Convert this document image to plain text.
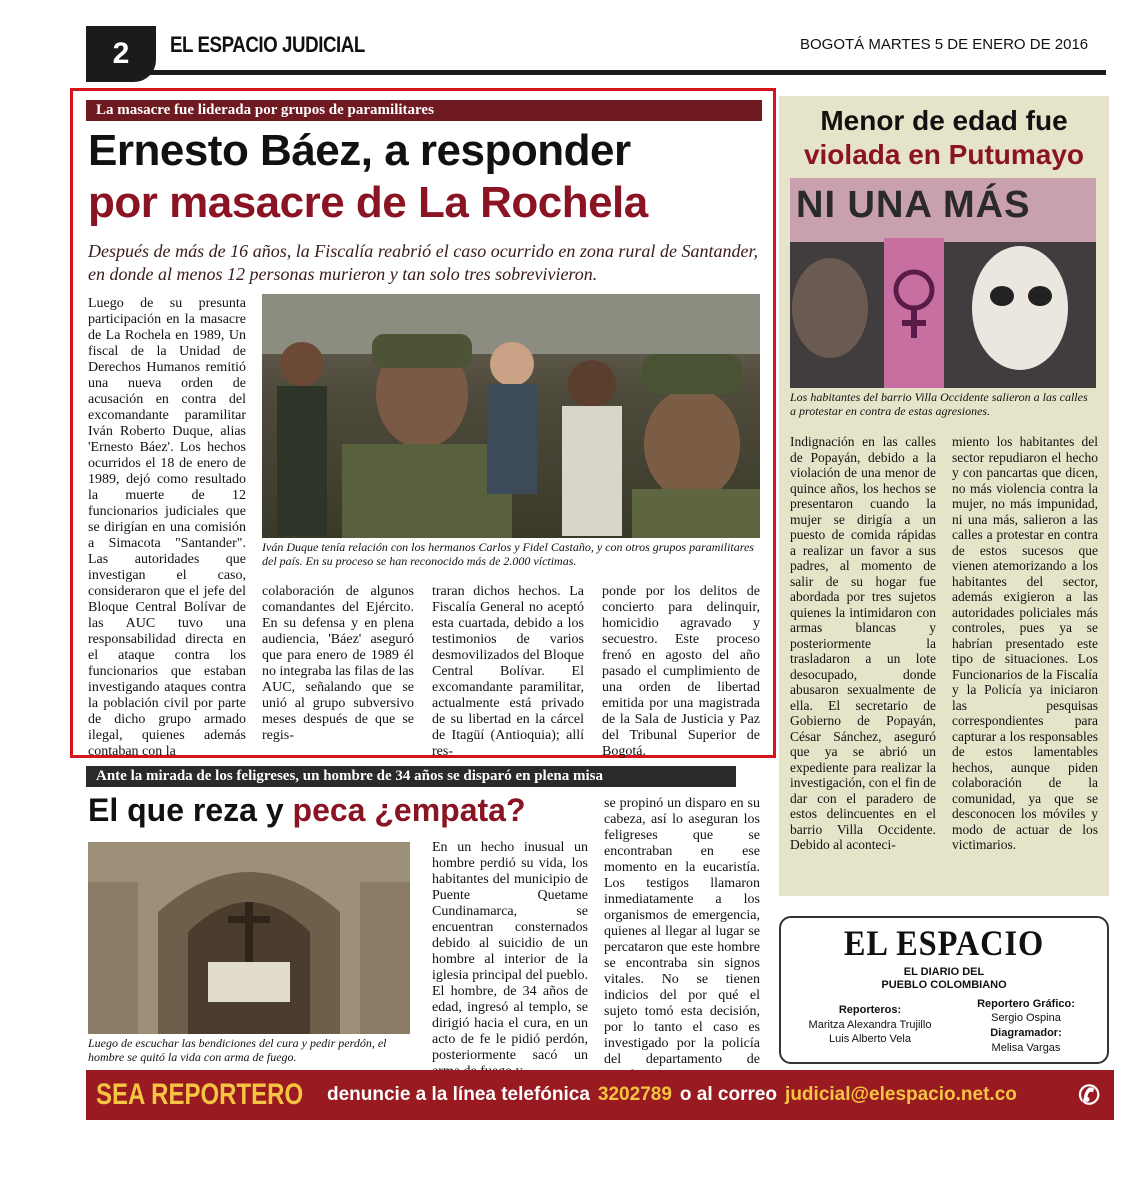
2	EL ESPACIO JUDICIAL	BOGOTÁ MARTES 5 DE ENERO DE 2016
La masacre fue liderada por grupos de paramilitares
Ernesto Báez, a responder
por masacre de La Rochela
Después de más de 16 años, la Fiscalía reabrió el caso ocurrido en zona rural de Santander, en donde al menos 12 personas murieron y tan solo tres sobrevivieron.
Luego de su presunta participación en la masacre de La Rochela en 1989, Un fiscal de la Unidad de Derechos Humanos remitió una nueva orden de acusación en contra del excomandante paramilitar Iván Roberto Duque, alias 'Ernesto Báez'. Los hechos ocurridos el 18 de enero de 1989, dejó como resultado la muerte de 12 funcionarios judiciales que se dirigían en una comisión a Simacota "Santander". Las autoridades que investigan el caso, consideraron que el jefe del Bloque Central Bolívar de las AUC tuvo una responsabilidad directa en el ataque contra los funcionarios que estaban investigando ataques contra la población civil por parte de dicho grupo armado ilegal, quienes además contaban con la
Iván Duque tenía relación con los hermanos Carlos y Fidel Castaño, y con otros grupos paramilitares del país. En su proceso se han reconocido más de 2.000 víctimas.
colaboración de algunos comandantes del Ejército. En su defensa y en plena audiencia, 'Báez' aseguró que para enero de 1989 él no integraba las filas de las AUC, señalando que se unió al grupo subversivo meses después de que se regis-
traran dichos hechos. La Fiscalía General no aceptó esta cuartada, debido a los testimonios de varios desmovilizados del Bloque Central Bolívar. El excomandante paramilitar, actualmente está privado de su libertad en la cárcel de Itagüí (Antioquia); allí res-
ponde por los delitos de concierto para delinquir, homicidio agravado y secuestro. Este proceso frenó en agosto del año pasado el cumplimiento de una orden de libertad emitida por una magistrada de la Sala de Justicia y Paz del Tribunal Superior de Bogotá.
Ante la mirada de los feligreses, un hombre de 34 años se disparó en plena misa
El que reza y peca ¿empata?
Luego de escuchar las bendiciones del cura y pedir perdón, el hombre se quitó la vida con arma de fuego.
En un hecho inusual un hombre perdió su vida, los habitantes del municipio de Puente Quetame Cundinamarca, se encuentran consternados debido al suicidio de un hombre al interior de la iglesia principal del pueblo. El hombre, de 34 años de edad, ingresó al templo, se dirigió hacia el cura, en un acto de fe le pidió perdón, posteriormente sacó un
se propinó un disparo en su cabeza, así lo aseguran los feligreses que se encontraban en ese momento en la eucaristía. Los testigos llamaron inmediatamente a los organismos de emergencia, quienes al llegar al lugar se percataron que este hombre se encontraba sin signos vitales. No se tienen indicios del por qué el sujeto tomó esta decisión, por lo tanto el caso es investigado por la policía del departamento de
Menor de edad fue
violada en Putumayo
NI UNA MÁS
Los habitantes del barrio Villa Occidente salieron a las calles a protestar en contra de estas agresiones.
Indignación en las calles de Popayán, debido a la violación de una menor de quince años, los hechos se presentaron cuando la mujer se dirigía a un puesto de comida rápidas a realizar un favor a sus padres, al momento de salir de su hogar fue abordada por tres sujetos quienes la intimidaron con armas blancas y posteriormente la trasladaron a un lote desocupado, donde abusaron sexualmente de ella. El secretario de Gobierno de Popayán, César Sánchez, aseguró que ya se abrió un expediente para realizar la investigación, con el fin de dar con el paradero de estos delincuentes en el barrio Villa Occidente. Debido al aconteci-
miento los habitantes del sector repudiaron el hecho y con pancartas que dicen, no más violencia contra la mujer, no más impunidad, ni una más, salieron a las calles a protestar en contra de estos sucesos que vienen atemorizando a los habitantes del sector, además exigieron a las autoridades policiales más controles, pues ya se habrían presentado este tipo de situaciones. Los Funcionarios de la Fiscalía y la Policía ya iniciaron las pesquisas correspondientes para capturar a los responsables de estos lamentables hechos, aunque piden colaboración de la comunidad, ya que se desconocen los móviles y modo de actuar de los victimarios.
EL ESPACIO
EL DIARIO DEL
PUEBLO COLOMBIANO
Reporteros:
Maritza Alexandra Trujillo
Luis Alberto Vela
Reportero Gráfico:
Sergio Ospina
Diagramador:
Melisa Vargas
SEA REPORTERO denuncie a la línea telefónica 3202789 o al correo judicial@elespacio.net.co ✆
